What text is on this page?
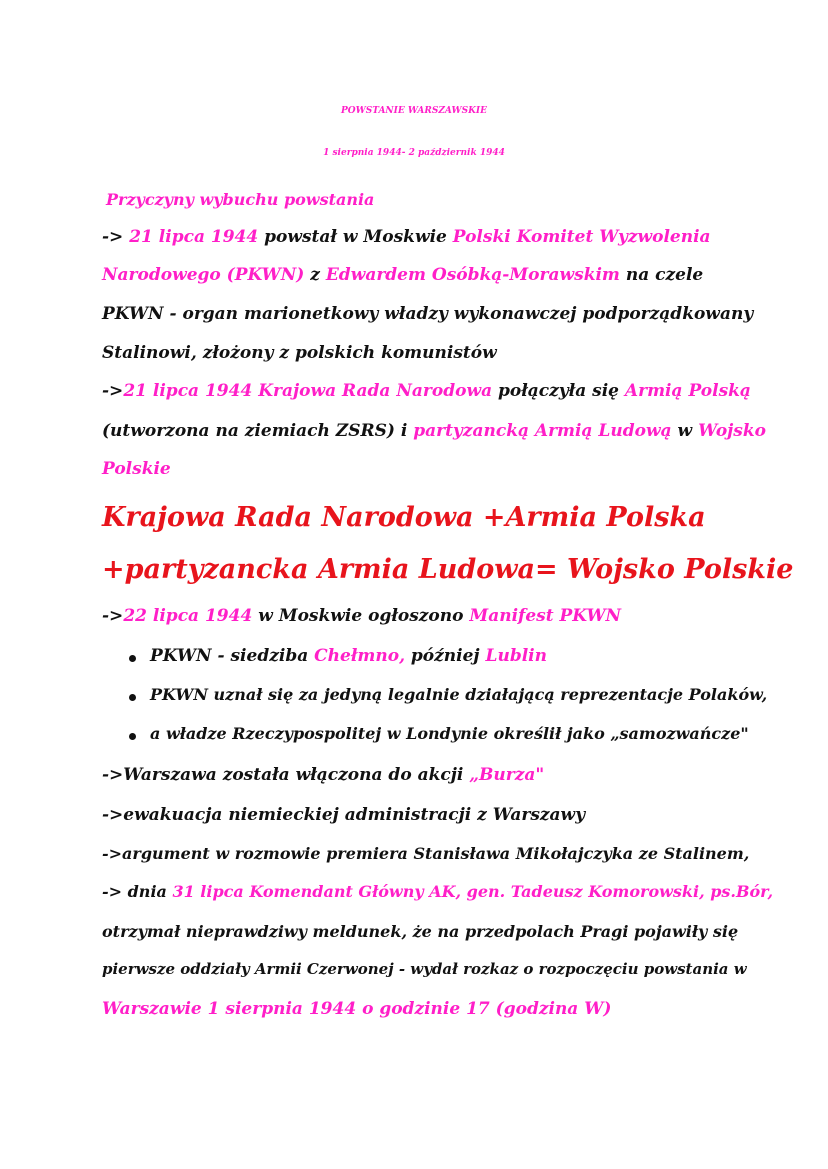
POWSTANIE WARSZAWSKIE
1 sierpnia 1944- 2 październik 1944
Przyczyny wybuchu powstania
-> 21 lipca 1944 powstał w Moskwie Polski Komitet Wyzwolenia
Narodowego (PKWN) z Edwardem Osóbką-Morawskim na czele
PKWN - organ marionetkowy władzy wykonawczej podporządkowany
Stalinowi, złożony z polskich komunistów
->21 lipca 1944 Krajowa Rada Narodowa połączyła się Armią Polską
(utworzona na ziemiach ZSRS) i partyzancką Armią Ludową w Wojsko
Polskie
Krajowa Rada Narodowa +Armia Polska
+partyzancka Armia Ludowa= Wojsko Polskie
->22 lipca 1944 w Moskwie ogłoszono Manifest PKWN
PKWN - siedziba Chełmno, później Lublin
PKWN uznał się za jedyną legalnie działającą reprezentacje Polaków,
a władze Rzeczypospolitej w Londynie określił jako „samozwańcze"
->Warszawa została włączona do akcji „Burza"
->ewakuacja niemieckiej administracji z Warszawy
->argument w rozmowie premiera Stanisława Mikołajczyka ze Stalinem,
-> dnia 31 lipca Komendant Główny AK, gen. Tadeusz Komorowski, ps.Bór,
otrzymał nieprawdziwy meldunek, że na przedpolach Pragi pojawiły się
pierwsze oddziały Armii Czerwonej - wydał rozkaz o rozpoczęciu powstania w
Warszawie 1 sierpnia 1944 o godzinie 17 (godzina W)
